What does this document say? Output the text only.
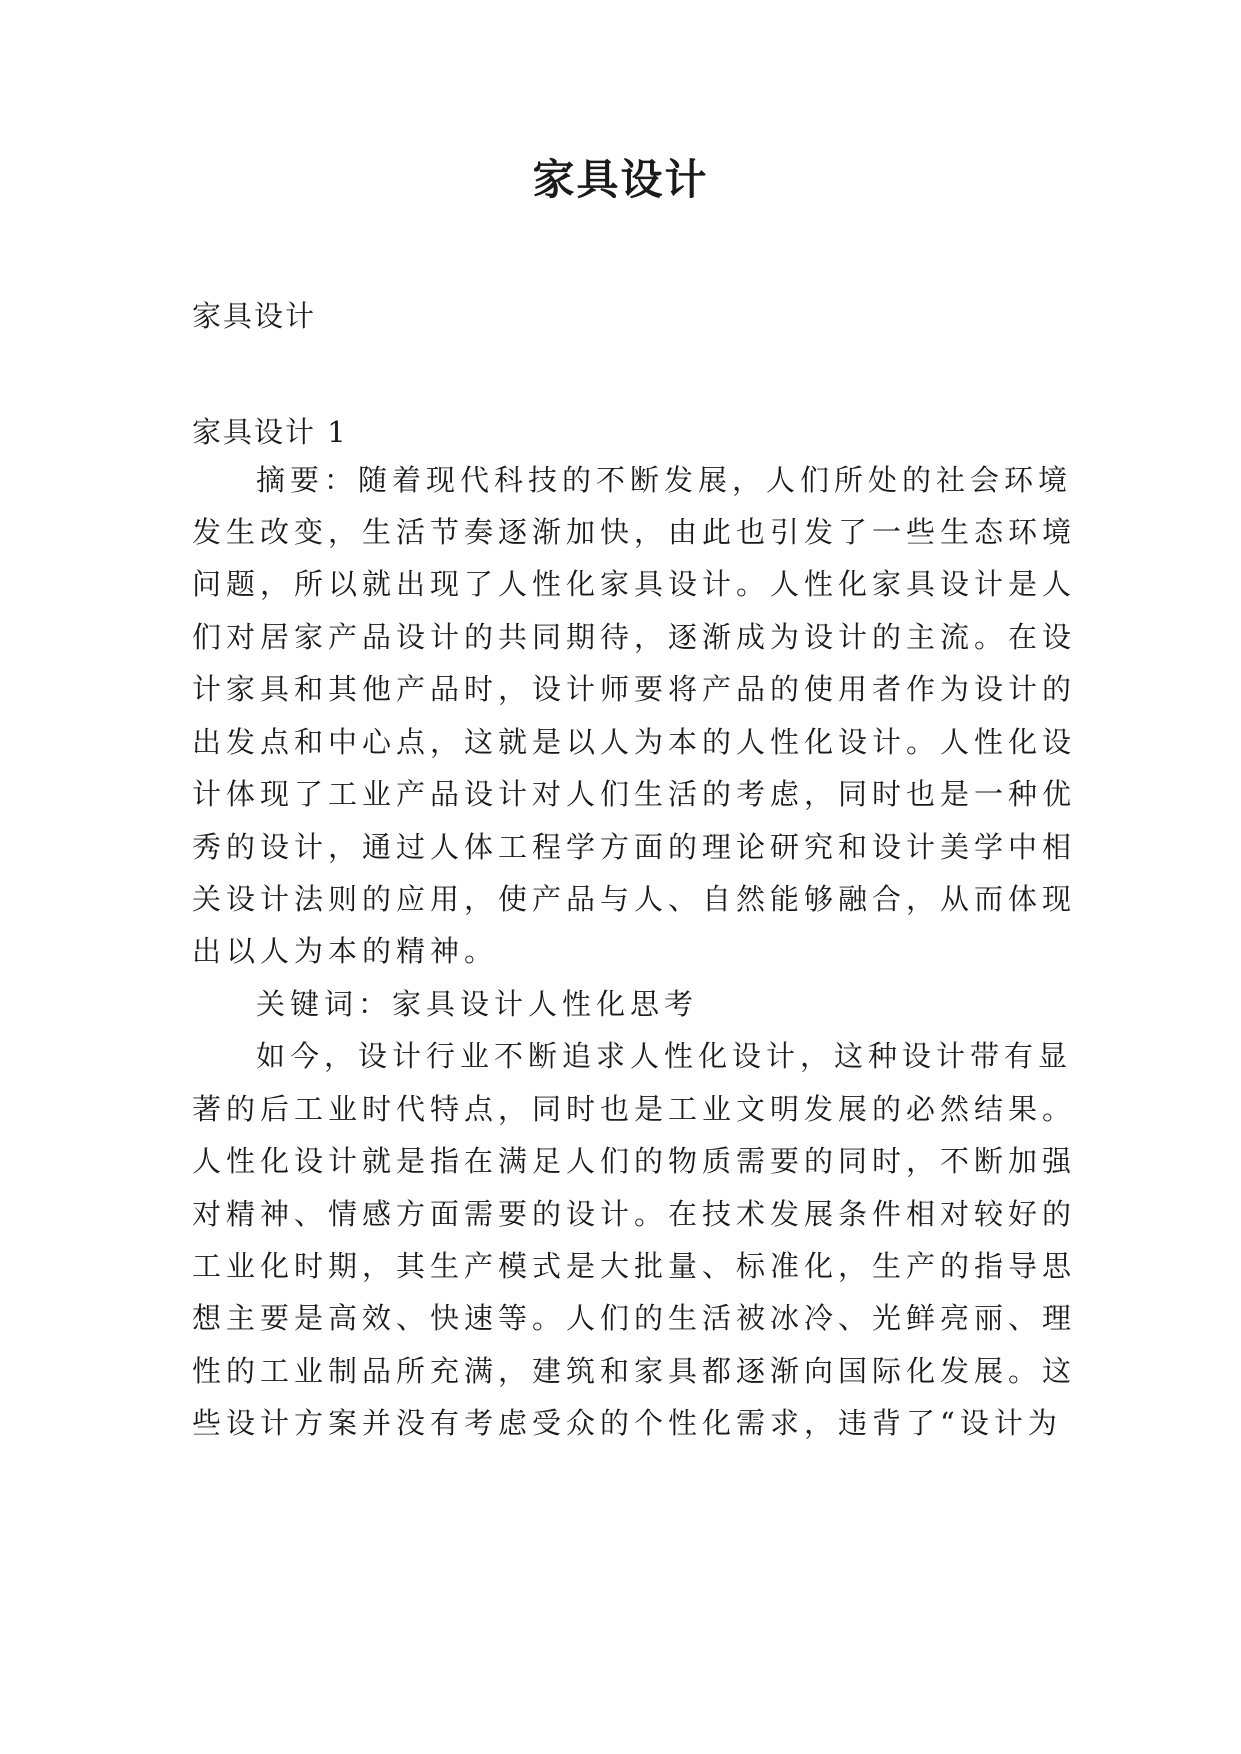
家具设计
家具设计
家具设计 1
摘要：随着现代科技的不断发展，人们所处的社会环境
发生改变，生活节奏逐渐加快，由此也引发了一些生态环境
问题，所以就出现了人性化家具设计。人性化家具设计是人
们对居家产品设计的共同期待，逐渐成为设计的主流。在设
计家具和其他产品时，设计师要将产品的使用者作为设计的
出发点和中心点，这就是以人为本的人性化设计。人性化设
计体现了工业产品设计对人们生活的考虑，同时也是一种优
秀的设计，通过人体工程学方面的理论研究和设计美学中相
关设计法则的应用，使产品与人、自然能够融合，从而体现
出以人为本的精神。
关键词：家具设计人性化思考
如今，设计行业不断追求人性化设计，这种设计带有显
著的后工业时代特点，同时也是工业文明发展的必然结果。
人性化设计就是指在满足人们的物质需要的同时，不断加强
对精神、情感方面需要的设计。在技术发展条件相对较好的
工业化时期，其生产模式是大批量、标准化，生产的指导思
想主要是高效、快速等。人们的生活被冰冷、光鲜亮丽、理
性的工业制品所充满，建筑和家具都逐渐向国际化发展。这
些设计方案并没有考虑受众的个性化需求，违背了“设计为
